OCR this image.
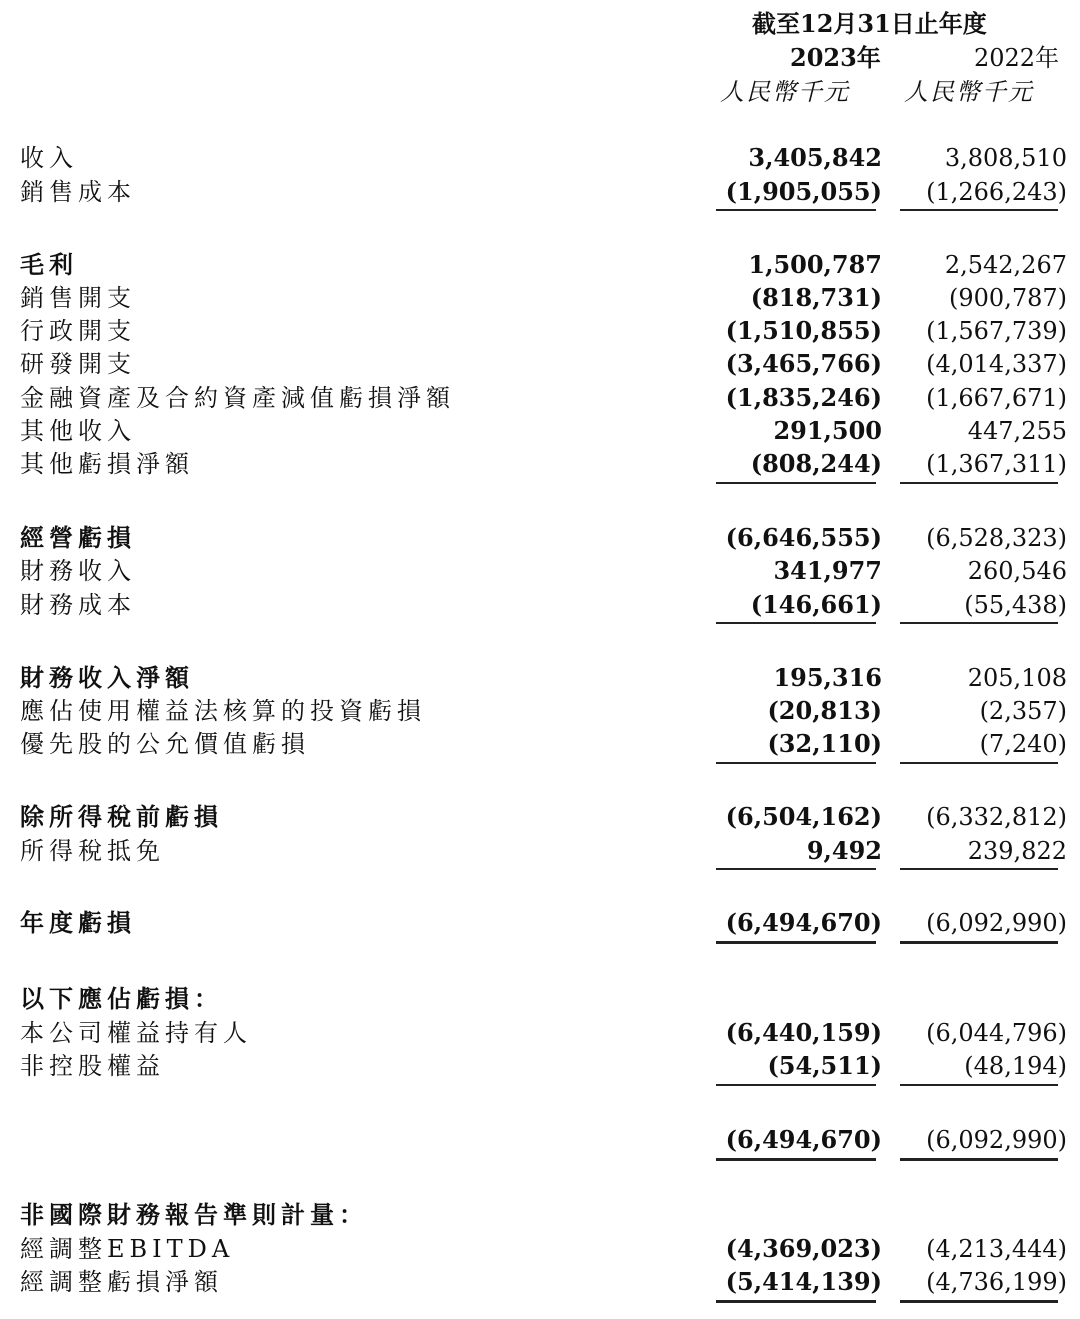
截至12月31日止年度
2023年	2022年
人民幣千元 人民幣千元
收入	3,405,842	3,808,510
銷售成本	(1,905,055)	(1,266,243)
毛利	1,500,787	2,542,267
銷售開支	(818,731)	(900,787)
行政開支	(1,510,855)	(1,567,739)
研發開支	(3,465,766)	(4,014,337)
金融資產及合約資產減值虧損淨額	(1,835,246)	(1,667,671)
其他收入	291,500	447,255
其他虧損淨額	(808,244)	(1,367,311)
經營虧損	(6,646,555)	(6,528,323)
財務收入	341,977	260,546
財務成本	(146,661)	(55,438)
財務收入淨額	195,316	205,108
應佔使用權益法核算的投資虧損	(20,813)	(2,357)
優先股的公允價值虧損	(32,110)	(7,240)
除所得稅前虧損	(6,504,162)	(6,332,812)
所得稅抵免	9,492	239,822
年度虧損	(6,494,670)	(6,092,990)
以下應佔虧損：
本公司權益持有人	(6,440,159)	(6,044,796)
非控股權益	(54,511)	(48,194)
(6,494,670)	(6,092,990)
非國際財務報告準則計量：
經調整EBITDA	(4,369,023)	(4,213,444)
經調整虧損淨額	(5,414,139)	(4,736,199)
